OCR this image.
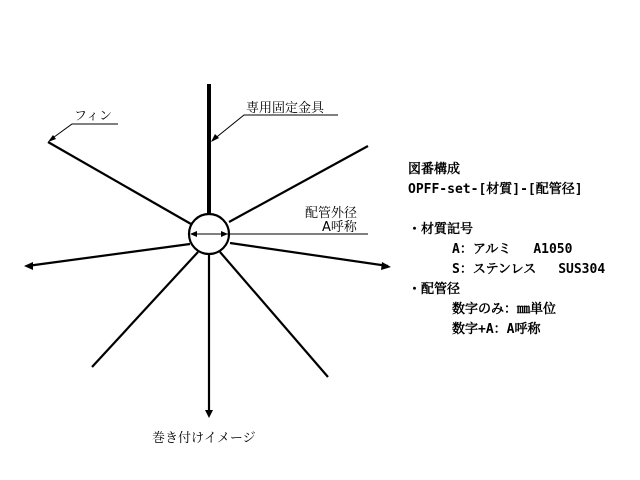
フィン
専用固定金具
配管外径
A呼称
巻き付けイメージ
図番構成
OPFF-set-[材質]-[配管径]
・材質記号
A：アルミ A1050
S：ステンレス SUS304
・配管径
数字のみ：㎜単位
数字+A：A呼称
